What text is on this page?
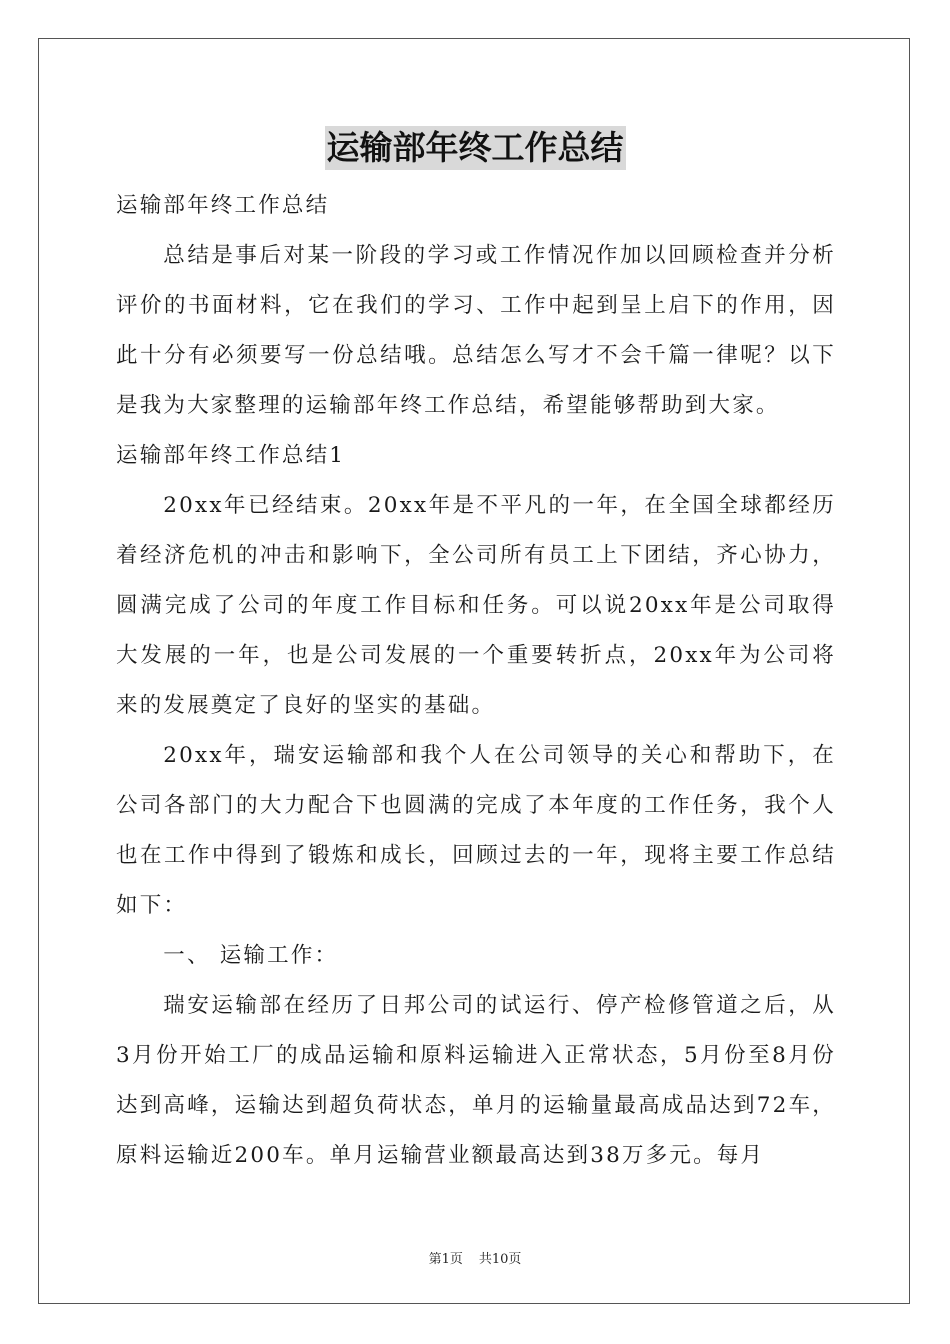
运输部年终工作总结

运输部年终工作总结

总结是事后对某一阶段的学习或工作情况作加以回顾检查并分析评价的书面材料，它在我们的学习、工作中起到呈上启下的作用，因此十分有必须要写一份总结哦。总结怎么写才不会千篇一律呢？以下是我为大家整理的运输部年终工作总结，希望能够帮助到大家。

运输部年终工作总结1

20xx年已经结束。20xx年是不平凡的一年，在全国全球都经历着经济危机的冲击和影响下，全公司所有员工上下团结，齐心协力，圆满完成了公司的年度工作目标和任务。可以说20xx年是公司取得大发展的一年，也是公司发展的一个重要转折点，20xx年为公司将来的发展奠定了良好的坚实的基础。

20xx年，瑞安运输部和我个人在公司领导的关心和帮助下，在公司各部门的大力配合下也圆满的完成了本年度的工作任务，我个人也在工作中得到了锻炼和成长，回顾过去的一年，现将主要工作总结如下：

一、 运输工作：

瑞安运输部在经历了日邦公司的试运行、停产检修管道之后，从3月份开始工厂的成品运输和原料运输进入正常状态，5月份至8月份达到高峰，运输达到超负荷状态，单月的运输量最高成品达到72车，原料运输近200车。单月运输营业额最高达到38万多元。每月

第1页 共10页
